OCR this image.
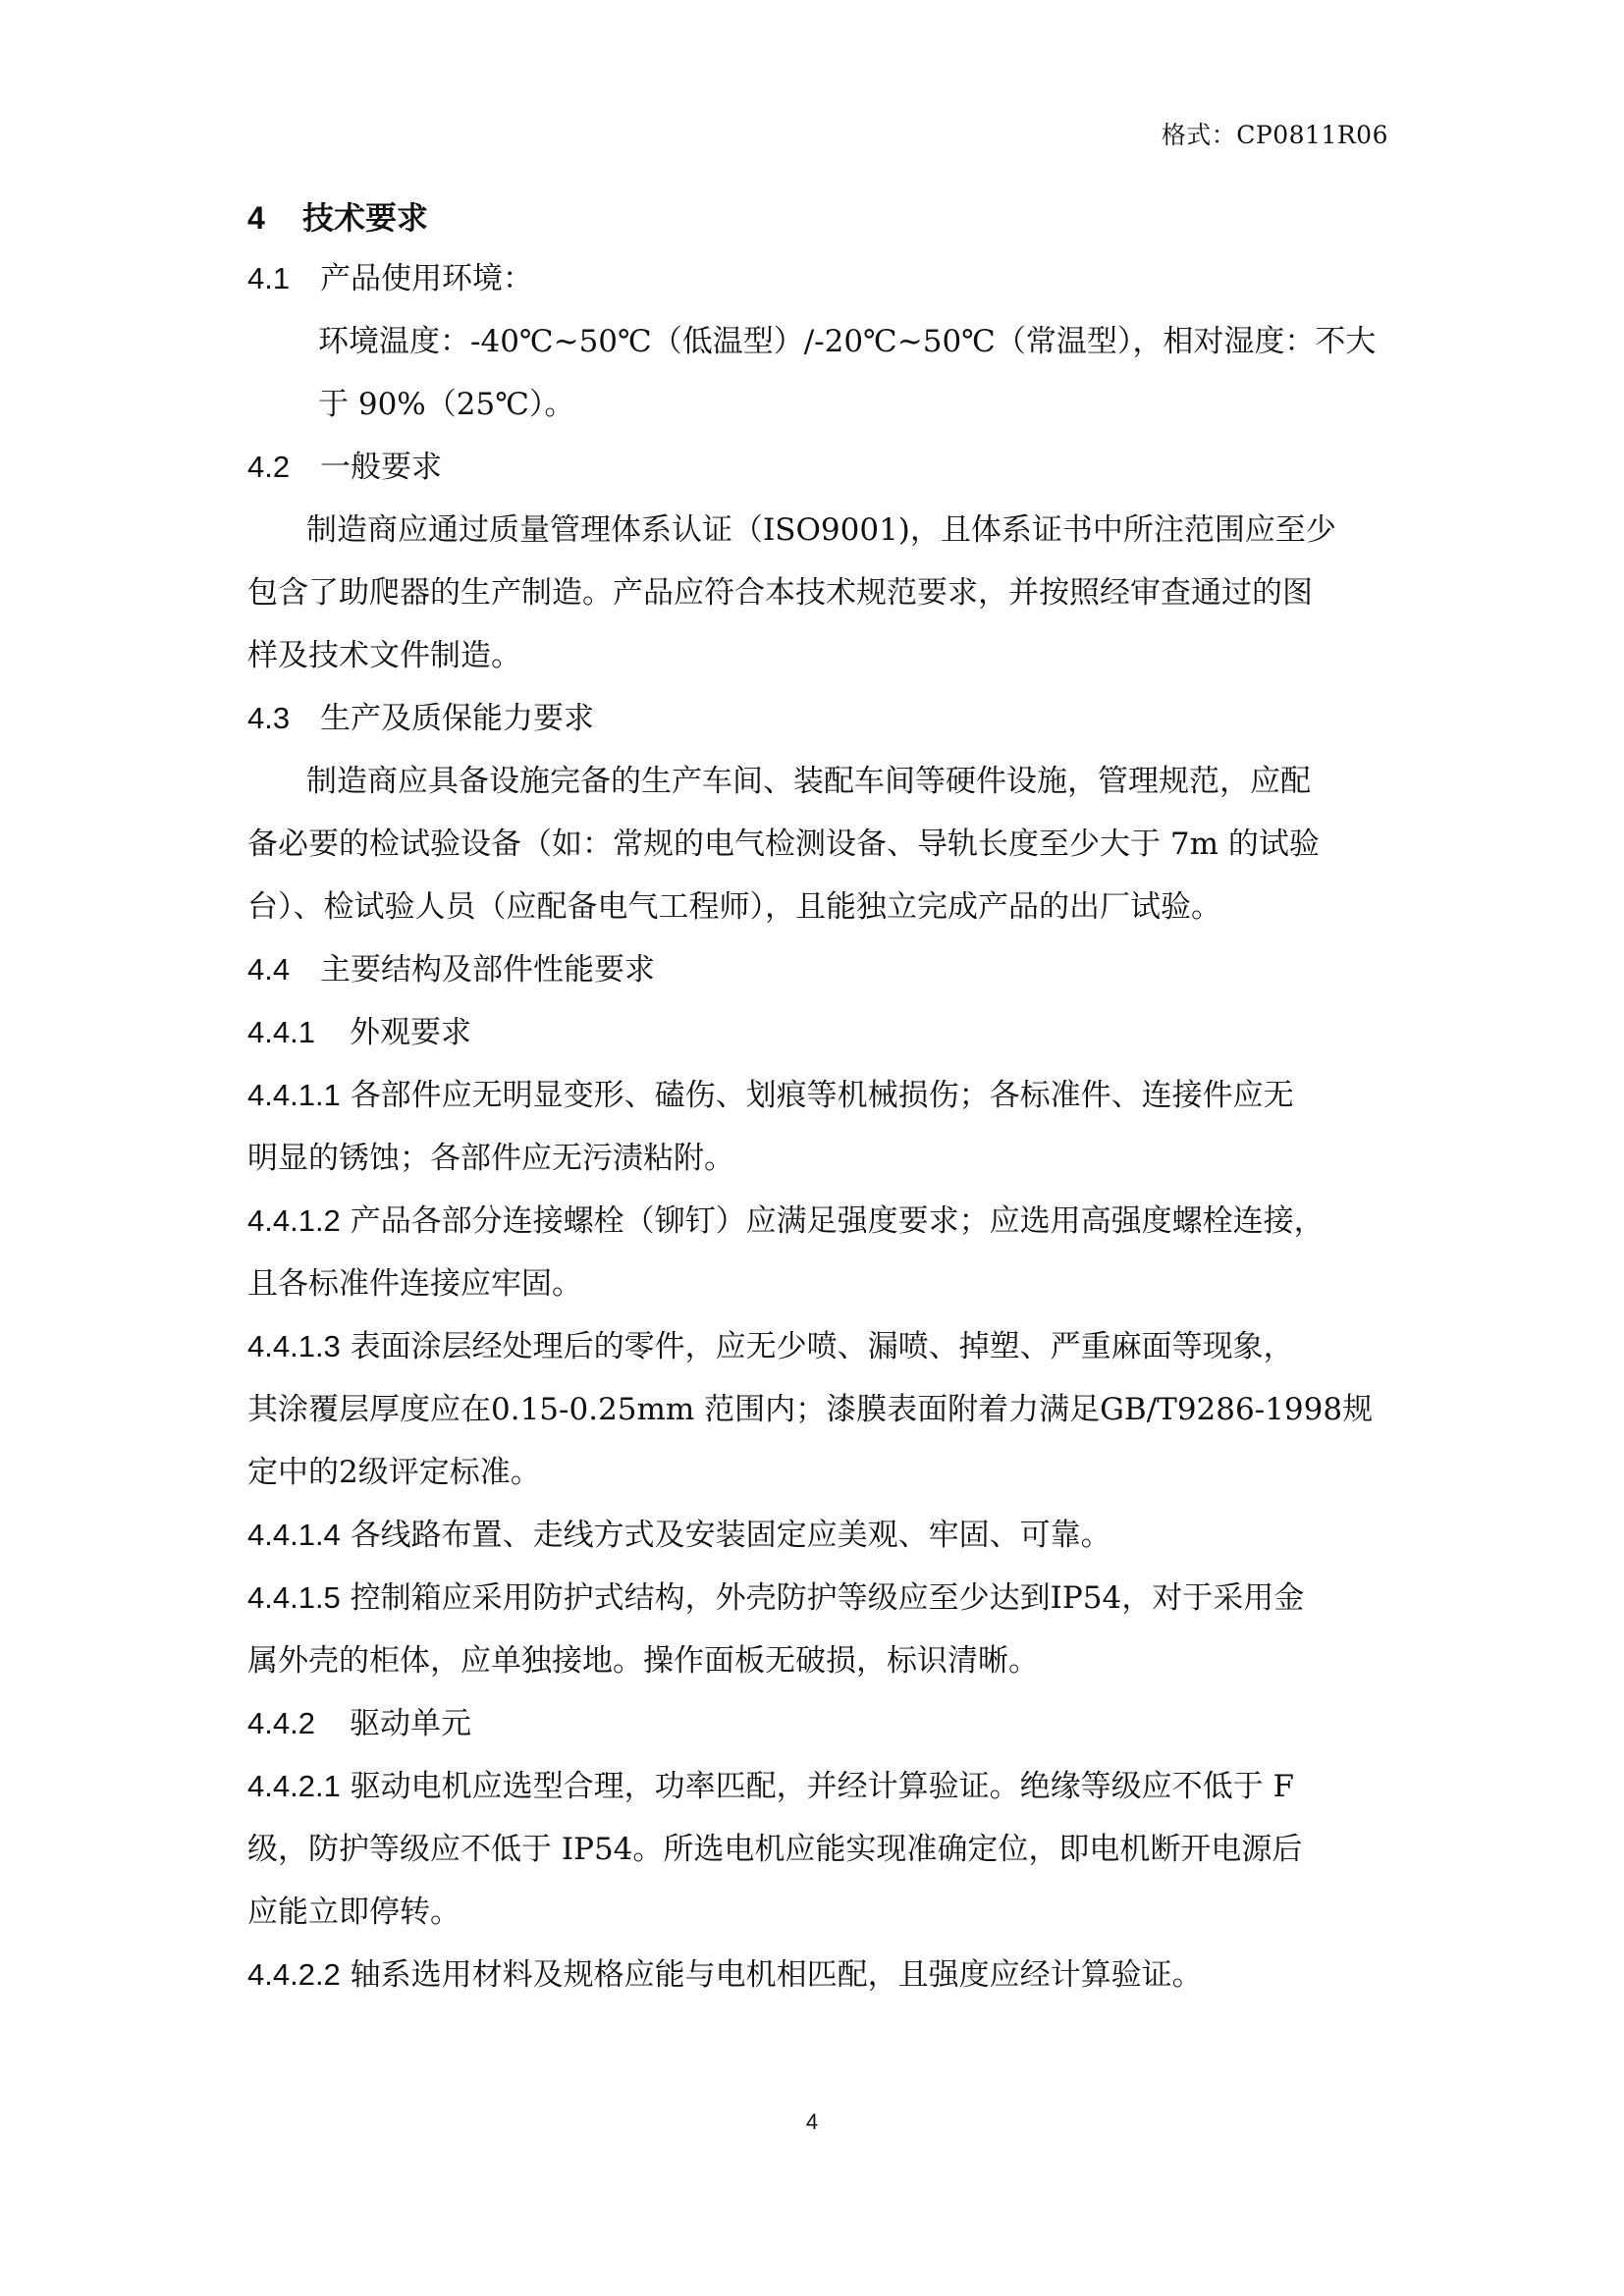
格式：CP0811R06
4 技术要求
4.1 产品使用环境：
环境温度：-40℃~50℃（低温型）/-20℃~50℃（常温型），相对湿度：不大
于 90%（25℃）。
4.2 一般要求
制造商应通过质量管理体系认证（ISO9001)，且体系证书中所注范围应至少
包含了助爬器的生产制造。产品应符合本技术规范要求，并按照经审查通过的图
样及技术文件制造。
4.3 生产及质保能力要求
制造商应具备设施完备的生产车间、装配车间等硬件设施，管理规范，应配
备必要的检试验设备（如：常规的电气检测设备、导轨长度至少大于 7m 的试验
台）、检试验人员（应配备电气工程师），且能独立完成产品的出厂试验。
4.4 主要结构及部件性能要求
4.4.1 外观要求
4.4.1.1 各部件应无明显变形、磕伤、划痕等机械损伤；各标准件、连接件应无
明显的锈蚀；各部件应无污渍粘附。
4.4.1.2 产品各部分连接螺栓（铆钉）应满足强度要求；应选用高强度螺栓连接，
且各标准件连接应牢固。
4.4.1.3 表面涂层经处理后的零件，应无少喷、漏喷、掉塑、严重麻面等现象，
其涂覆层厚度应在0.15-0.25mm 范围内；漆膜表面附着力满足GB/T9286-1998规
定中的2级评定标准。
4.4.1.4 各线路布置、走线方式及安装固定应美观、牢固、可靠。
4.4.1.5 控制箱应采用防护式结构，外壳防护等级应至少达到IP54，对于采用金
属外壳的柜体，应单独接地。操作面板无破损，标识清晰。
4.4.2 驱动单元
4.4.2.1 驱动电机应选型合理，功率匹配，并经计算验证。绝缘等级应不低于 F
级，防护等级应不低于 IP54。所选电机应能实现准确定位，即电机断开电源后
应能立即停转。
4.4.2.2 轴系选用材料及规格应能与电机相匹配，且强度应经计算验证。
4
